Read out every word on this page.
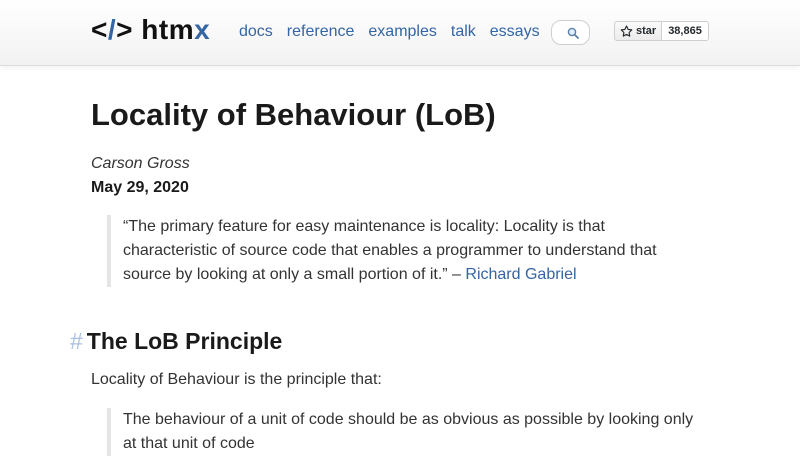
</> htmx docs reference examples talk essays	star	38,865
Locality of Behaviour (LoB)
Carson Gross
May 29, 2020
“The primary feature for easy maintenance is locality: Locality is that characteristic of source code that enables a programmer to understand that source by looking at only a small portion of it.” – Richard Gabriel
# The LoB Principle
Locality of Behaviour is the principle that:
The behaviour of a unit of code should be as obvious as possible by looking only at that unit of code
